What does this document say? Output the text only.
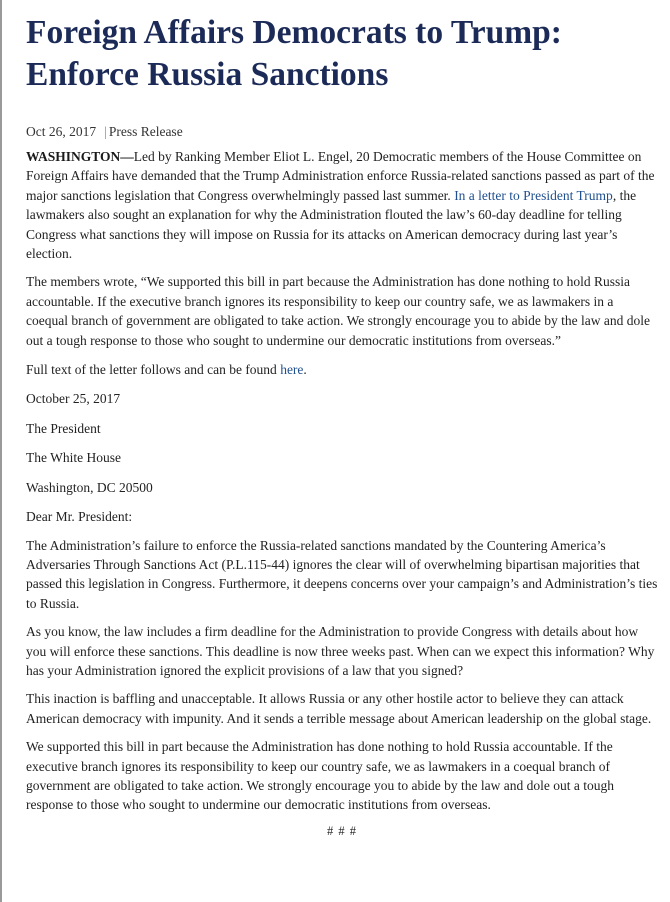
Foreign Affairs Democrats to Trump: Enforce Russia Sanctions
Oct 26, 2017 | Press Release

WASHINGTON—Led by Ranking Member Eliot L. Engel, 20 Democratic members of the House Committee on Foreign Affairs have demanded that the Trump Administration enforce Russia-related sanctions passed as part of the major sanctions legislation that Congress overwhelmingly passed last summer. In a letter to President Trump, the lawmakers also sought an explanation for why the Administration flouted the law’s 60-day deadline for telling Congress what sanctions they will impose on Russia for its attacks on American democracy during last year’s election.

The members wrote, “We supported this bill in part because the Administration has done nothing to hold Russia accountable. If the executive branch ignores its responsibility to keep our country safe, we as lawmakers in a coequal branch of government are obligated to take action. We strongly encourage you to abide by the law and dole out a tough response to those who sought to undermine our democratic institutions from overseas.”

Full text of the letter follows and can be found here.

October 25, 2017

The President

The White House

Washington, DC 20500

Dear Mr. President:

The Administration’s failure to enforce the Russia-related sanctions mandated by the Countering America’s Adversaries Through Sanctions Act (P.L.115-44) ignores the clear will of overwhelming bipartisan majorities that passed this legislation in Congress. Furthermore, it deepens concerns over your campaign’s and Administration’s ties to Russia.

As you know, the law includes a firm deadline for the Administration to provide Congress with details about how you will enforce these sanctions. This deadline is now three weeks past. When can we expect this information? Why has your Administration ignored the explicit provisions of a law that you signed?

This inaction is baffling and unacceptable. It allows Russia or any other hostile actor to believe they can attack American democracy with impunity. And it sends a terrible message about American leadership on the global stage.

We supported this bill in part because the Administration has done nothing to hold Russia accountable. If the executive branch ignores its responsibility to keep our country safe, we as lawmakers in a coequal branch of government are obligated to take action. We strongly encourage you to abide by the law and dole out a tough response to those who sought to undermine our democratic institutions from overseas.

# # #
